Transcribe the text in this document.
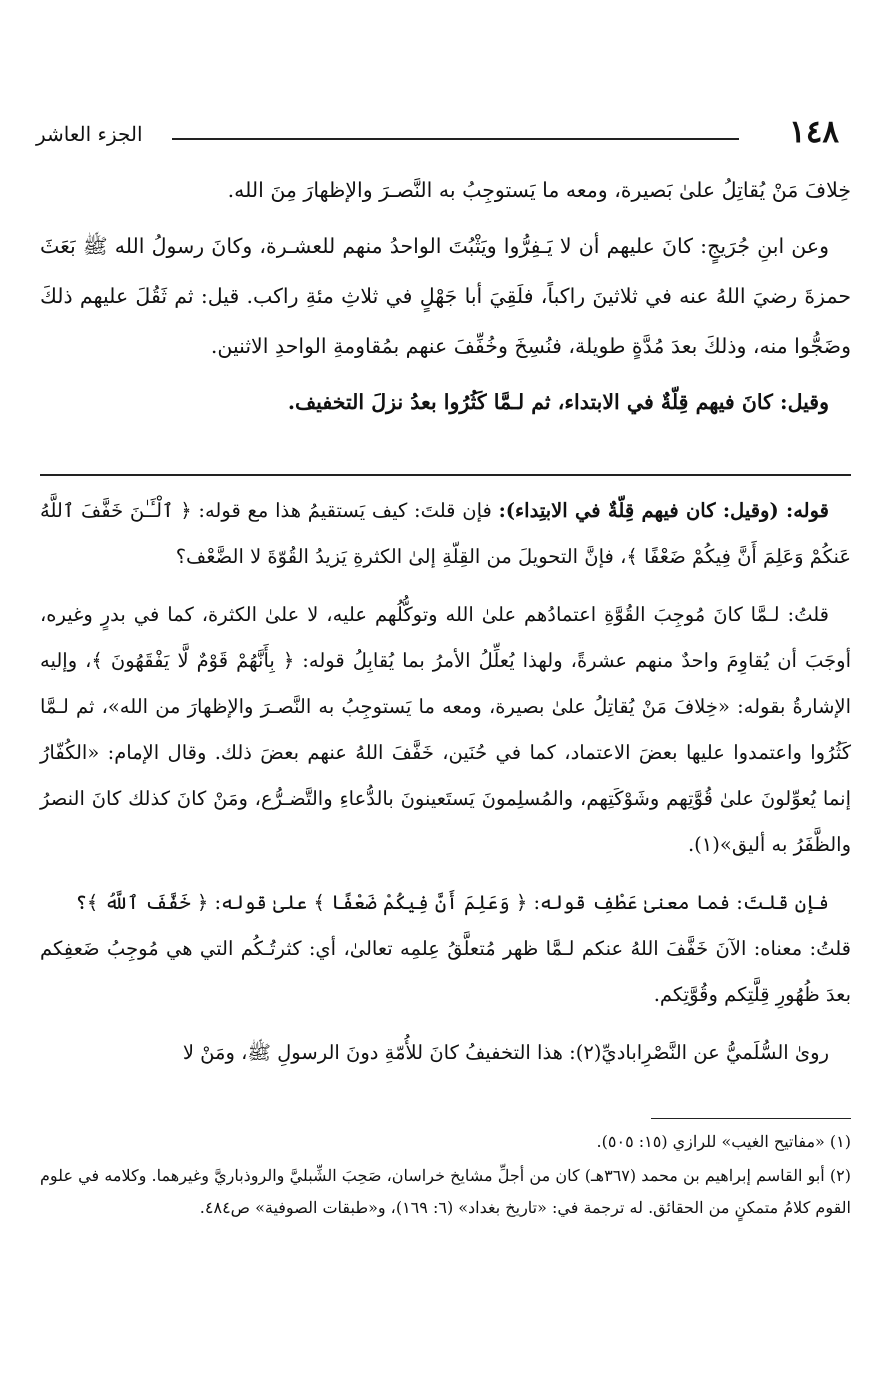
١٤٨
الجزء العاشر

خِلافَ مَنْ يُقاتِلُ علىٰ بَصيرة، ومعه ما يَستوجِبُ به النَّصـرَ والإظهارَ مِنَ الله.

وعن ابنِ جُرَيجٍ: كانَ عليهم أن لا يَـفِرُّوا ويَثْبُتَ الواحدُ منهم للعشـرة، وكانَ رسولُ الله ﷺ بَعَثَ حمزةَ رضيَ اللهُ عنه في ثلاثينَ راكباً، فلَقِيَ أبا جَهْلٍ في ثلاثِ مئةِ راكب. قيل: ثم ثَقُلَ عليهم ذلكَ وضَجُّوا منه، وذلكَ بعدَ مُدَّةٍ طويلة، فنُسِخَ وخُفِّفَ عنهم بمُقاومةِ الواحدِ الاثنين.

وقيل: كانَ فيهم قِلّةٌ في الابتداء، ثم لـمَّا كَثُرُوا بعدُ نزلَ التخفيف.

قوله: (وقيل: كان فيهم قِلّةٌ في الابتِداء): فإن قلتَ: كيف يَستقيمُ هذا مع قوله: ﴿ ٱلْـَٔـٰنَ خَفَّفَ ٱللَّهُ عَنكُمْ وَعَلِمَ أَنَّ فِيكُمْ ضَعْفًا ﴾، فإنَّ التحويلَ من القِلّةِ إلىٰ الكثرةِ يَزيدُ القُوّةَ لا الضَّعْف؟

قلتُ: لـمَّا كانَ مُوجِبَ القُوَّةِ اعتمادُهم علىٰ الله وتوكُّلُهم عليه، لا علىٰ الكثرة، كما في بدرٍ وغيره، أوجَبَ أن يُقاوِمَ واحدٌ منهم عشرةً، ولهذا يُعلِّلُ الأمرُ بما يُقابِلُ قوله: ﴿ بِأَنَّهُمْ قَوْمٌ لَّا يَفْقَهُونَ ﴾، وإليه الإشارةُ بقوله: «خِلافَ مَنْ يُقاتِلُ علىٰ بصيرة، ومعه ما يَستوجِبُ به النَّصـرَ والإظهارَ من الله»، ثم لـمَّا كَثُرُوا واعتمدوا عليها بعضَ الاعتماد، كما في حُنَين، خَفَّفَ اللهُ عنهم بعضَ ذلك. وقال الإمام: «الكُفّارُ إنما يُعوِّلونَ علىٰ قُوَّتِهم وشَوْكَتِهم، والمُسلِمونَ يَستَعينونَ بالدُّعاءِ والتَّضـرُّع، ومَنْ كانَ كذلك كانَ النصرُ والظَّفَرُ به أليق»(١).

فإن قلتَ: فما معنىٰ عَطْفِ قوله: ﴿ وَعَلِمَ أَنَّ فِيكُمْ ضَعْفًا ﴾ علىٰ قوله: ﴿ خَفَّفَ ٱللَّهُ ﴾؟

قلتُ: معناه: الآنَ خَفَّفَ اللهُ عنكم لـمَّا ظهر مُتعلَّقُ عِلمِه تعالىٰ، أي: كثرتُـكُم التي هي مُوجِبُ ضَعفِكم بعدَ ظُهُورِ قِلَّتِكم وقُوَّتِكم.

روىٰ السُّلَميُّ عن النَّصْرِاباديِّ(٢): هذا التخفيفُ كانَ للأُمّةِ دونَ الرسولِ ﷺ، ومَنْ لا

(١) «مفاتيح الغيب» للرازي (١٥: ٥٠٥).

(٢) أبو القاسم إبراهيم بن محمد (٣٦٧هـ) كان من أجلِّ مشايخ خراسان، صَحِبَ الشِّبليَّ والروذباريَّ وغيرهما. وكلامه في علوم القوم كلامُ متمكنٍ من الحقائق. له ترجمة في: «تاريخ بغداد» (٦: ١٦٩)، و«طبقات الصوفية» ص٤٨٤.
